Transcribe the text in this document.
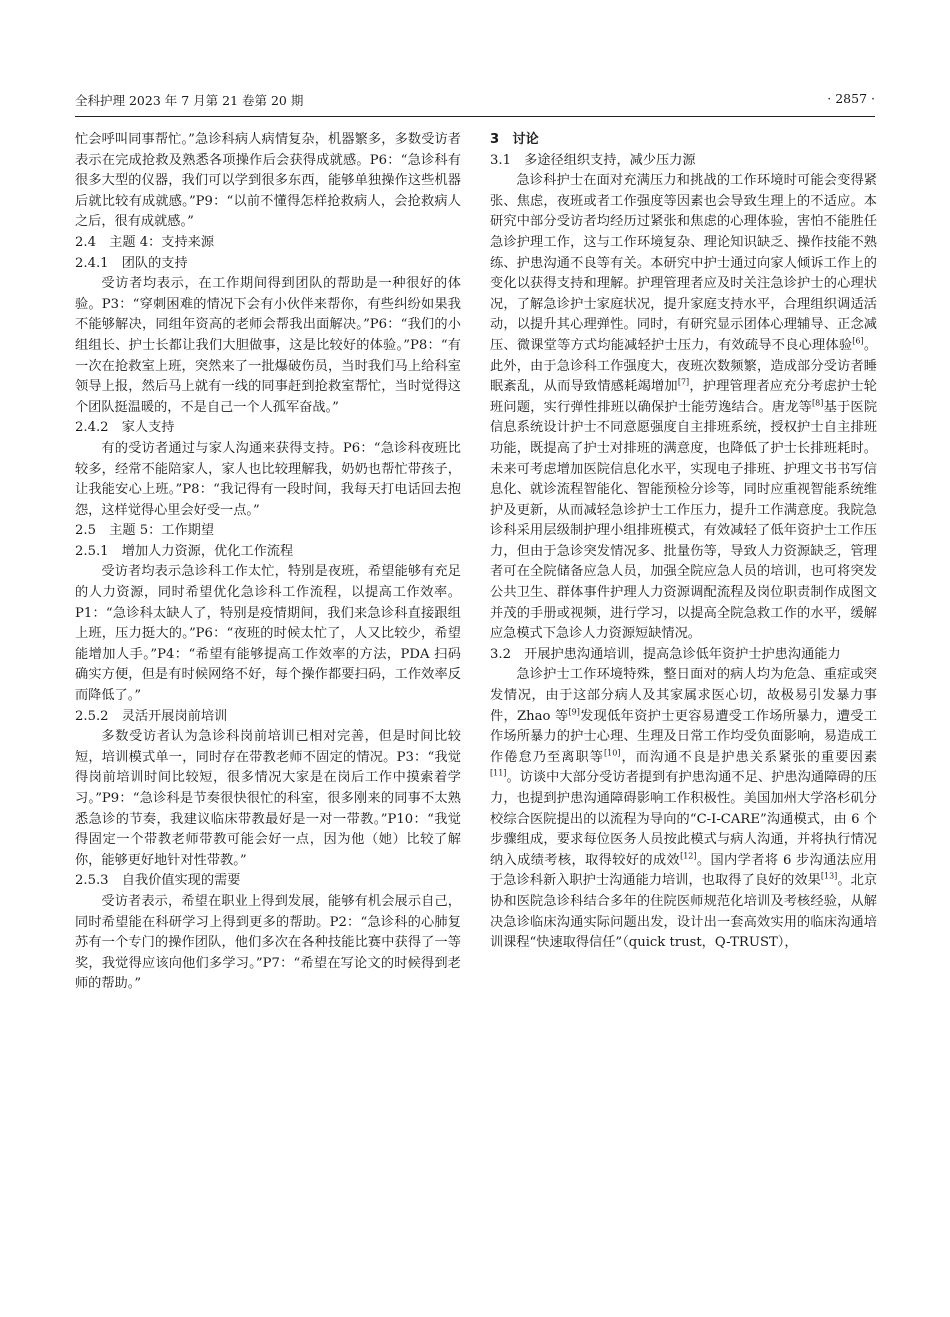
全科护理 2023 年 7 月第 21 卷第 20 期	· 2857 ·

忙会呼叫同事帮忙。”急诊科病人病情复杂，机器繁多，多数受访者表示在完成抢救及熟悉各项操作后会获得成就感。P6：“急诊科有很多大型的仪器，我们可以学到很多东西，能够单独操作这些机器后就比较有成就感。”P9：“以前不懂得怎样抢救病人，会抢救病人之后，很有成就感。”

2.4　主题 4：支持来源
2.4.1　团队的支持

受访者均表示，在工作期间得到团队的帮助是一种很好的体验。P3：“穿刺困难的情况下会有小伙伴来帮你，有些纠纷如果我不能够解决，同组年资高的老师会帮我出面解决。”P6：“我们的小组组长、护士长都让我们大胆做事，这是比较好的体验。”P8：“有一次在抢救室上班，突然来了一批爆破伤员，当时我们马上给科室领导上报，然后马上就有一线的同事赶到抢救室帮忙，当时觉得这个团队挺温暖的，不是自己一个人孤军奋战。”

2.4.2　家人支持

有的受访者通过与家人沟通来获得支持。P6：“急诊科夜班比较多，经常不能陪家人，家人也比较理解我，奶奶也帮忙带孩子，让我能安心上班。”P8：“我记得有一段时间，我每天打电话回去抱怨，这样觉得心里会好受一点。”

2.5　主题 5：工作期望
2.5.1　增加人力资源，优化工作流程

受访者均表示急诊科工作太忙，特别是夜班，希望能够有充足的人力资源，同时希望优化急诊科工作流程，以提高工作效率。P1：“急诊科太缺人了，特别是疫情期间，我们来急诊科直接跟组上班，压力挺大的。”P6：“夜班的时候太忙了，人又比较少，希望能增加人手。”P4：“希望有能够提高工作效率的方法，PDA 扫码确实方便，但是有时候网络不好，每个操作都要扫码，工作效率反而降低了。”

2.5.2　灵活开展岗前培训

多数受访者认为急诊科岗前培训已相对完善，但是时间比较短，培训模式单一，同时存在带教老师不固定的情况。P3：“我觉得岗前培训时间比较短，很多情况大家是在岗后工作中摸索着学习。”P9：“急诊科是节奏很快很忙的科室，很多刚来的同事不太熟悉急诊的节奏，我建议临床带教最好是一对一带教。”P10：“我觉得固定一个带教老师带教可能会好一点，因为他（她）比较了解你，能够更好地针对性带教。”

2.5.3　自我价值实现的需要

受访者表示，希望在职业上得到发展，能够有机会展示自己，同时希望能在科研学习上得到更多的帮助。P2：“急诊科的心肺复苏有一个专门的操作团队，他们多次在各种技能比赛中获得了一等奖，我觉得应该向他们多学习。”P7：“希望在写论文的时候得到老师的帮助。”

3　讨论
3.1　多途径组织支持，减少压力源

急诊科护士在面对充满压力和挑战的工作环境时可能会变得紧张、焦虑，夜班或者工作强度等因素也会导致生理上的不适应。本研究中部分受访者均经历过紧张和焦虑的心理体验，害怕不能胜任急诊护理工作，这与工作环境复杂、理论知识缺乏、操作技能不熟练、护患沟通不良等有关。本研究中护士通过向家人倾诉工作上的变化以获得支持和理解。护理管理者应及时关注急诊护士的心理状况，了解急诊护士家庭状况，提升家庭支持水平，合理组织调适活动，以提升其心理弹性。同时，有研究显示团体心理辅导、正念减压、微课堂等方式均能减轻护士压力，有效疏导不良心理体验[6]。此外，由于急诊科工作强度大，夜班次数频繁，造成部分受访者睡眠紊乱，从而导致情感耗竭增加[7]，护理管理者应充分考虑护士轮班问题，实行弹性排班以确保护士能劳逸结合。唐龙等[8]基于医院信息系统设计护士不同意愿强度自主排班系统，授权护士自主排班功能，既提高了护士对排班的满意度，也降低了护士长排班耗时。未来可考虑增加医院信息化水平，实现电子排班、护理文书书写信息化、就诊流程智能化、智能预检分诊等，同时应重视智能系统维护及更新，从而减轻急诊护士工作压力，提升工作满意度。我院急诊科采用层级制护理小组排班模式，有效减轻了低年资护士工作压力，但由于急诊突发情况多、批量伤等，导致人力资源缺乏，管理者可在全院储备应急人员，加强全院应急人员的培训，也可将突发公共卫生、群体事件护理人力资源调配流程及岗位职责制作成图文并茂的手册或视频，进行学习，以提高全院急救工作的水平，缓解应急模式下急诊人力资源短缺情况。

3.2　开展护患沟通培训，提高急诊低年资护士护患沟通能力

急诊护士工作环境特殊，整日面对的病人均为危急、重症或突发情况，由于这部分病人及其家属求医心切，故极易引发暴力事件，Zhao 等[9]发现低年资护士更容易遭受工作场所暴力，遭受工作场所暴力的护士心理、生理及日常工作均受负面影响，易造成工作倦怠乃至离职等[10]，而沟通不良是护患关系紧张的重要因素[11]。访谈中大部分受访者提到有护患沟通不足、护患沟通障碍的压力，也提到护患沟通障碍影响工作积极性。美国加州大学洛杉矶分校综合医院提出的以流程为导向的“C-I-CARE”沟通模式，由 6 个步骤组成，要求每位医务人员按此模式与病人沟通，并将执行情况纳入成绩考核，取得较好的成效[12]。国内学者将 6 步沟通法应用于急诊科新入职护士沟通能力培训，也取得了良好的效果[13]。北京协和医院急诊科结合多年的住院医师规范化培训及考核经验，从解决急诊临床沟通实际问题出发，设计出一套高效实用的临床沟通培训课程“快速取得信任”（quick trust，Q-TRUST），
